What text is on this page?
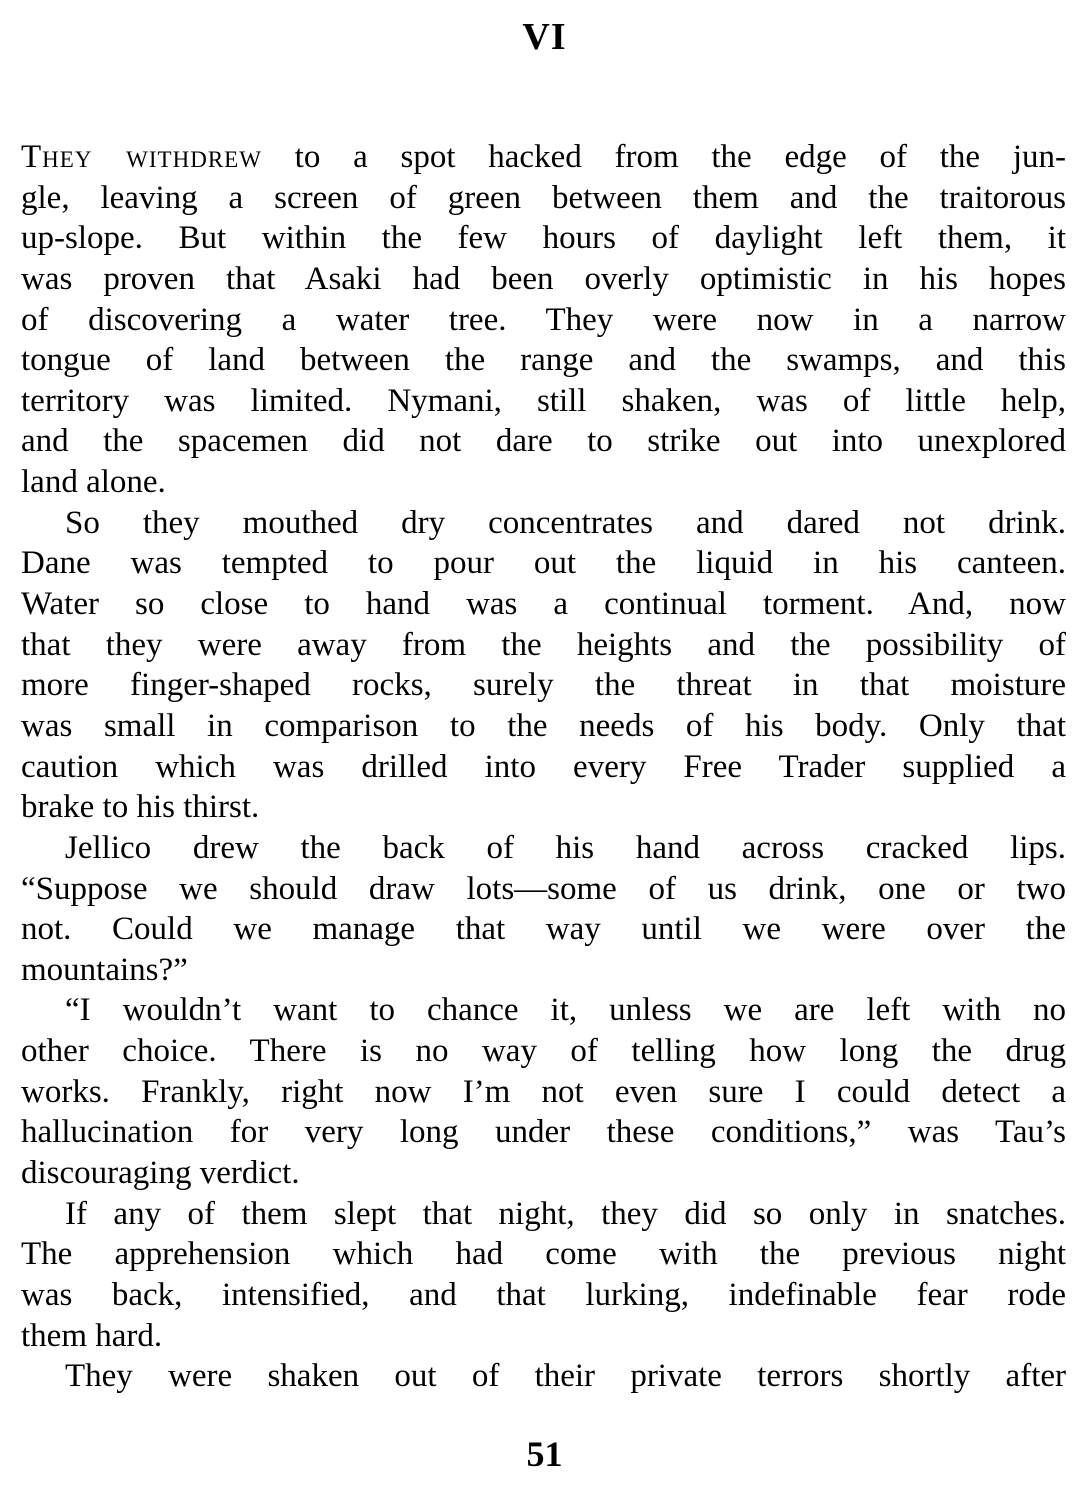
VI
They withdrew to a spot hacked from the edge of the jun-
gle, leaving a screen of green between them and the traitorous
up-slope. But within the few hours of daylight left them, it
was proven that Asaki had been overly optimistic in his hopes
of discovering a water tree. They were now in a narrow
tongue of land between the range and the swamps, and this
territory was limited. Nymani, still shaken, was of little help,
and the spacemen did not dare to strike out into unexplored
land alone.
So they mouthed dry concentrates and dared not drink.
Dane was tempted to pour out the liquid in his canteen.
Water so close to hand was a continual torment. And, now
that they were away from the heights and the possibility of
more finger-shaped rocks, surely the threat in that moisture
was small in comparison to the needs of his body. Only that
caution which was drilled into every Free Trader supplied a
brake to his thirst.
Jellico drew the back of his hand across cracked lips.
“Suppose we should draw lots—some of us drink, one or two
not. Could we manage that way until we were over the
mountains?”
“I wouldn’t want to chance it, unless we are left with no
other choice. There is no way of telling how long the drug
works. Frankly, right now I’m not even sure I could detect a
hallucination for very long under these conditions,” was Tau’s
discouraging verdict.
If any of them slept that night, they did so only in snatches.
The apprehension which had come with the previous night
was back, intensified, and that lurking, indefinable fear rode
them hard.
They were shaken out of their private terrors shortly after
51
